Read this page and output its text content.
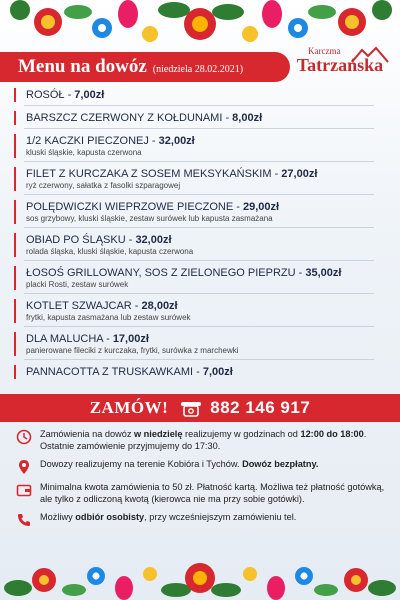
Menu na dowóz (niedziela 28.02.2021)
Karczma
Tatrzańska
ROSÓŁ - 7,00zł
BARSZCZ CZERWONY Z KOŁDUNAMI - 8,00zł
1/2 KACZKI PIECZONEJ - 32,00zł
kluski śląskie, kapusta czerwona
FILET Z KURCZAKA Z SOSEM MEKSYKAŃSKIM - 27,00zł
ryż czerwony, sałatka z fasolki szparagowej
POLĘDWICZKI WIEPRZOWE PIECZONE - 29,00zł
sos grzybowy, kluski śląskie, zestaw surówek lub kapusta zasmażana
OBIAD PO ŚLĄSKU - 32,00zł
rolada śląska, kluski śląskie, kapusta czerwona
ŁOSOŚ GRILLOWANY, SOS Z ZIELONEGO PIEPRZU - 35,00zł
placki Rosti, zestaw surówek
KOTLET SZWAJCAR - 28,00zł
frytki, kapusta zasmażana lub zestaw surówek
DLA MALUCHA - 17,00zł
panierowane fileciki z kurczaka, frytki, surówka z marchewki
PANNACOTTA Z TRUSKAWKAMI - 7,00zł
ZAMÓW! 882 146 917
Zamówienia na dowóz w niedzielę realizujemy w godzinach od 12:00 do 18:00. Ostatnie zamówienie przyjmujemy do 17:30.
Dowozy realizujemy na terenie Kobióra i Tychów. Dowóz bezpłatny.
Minimalna kwota zamówienia to 50 zł. Płatność kartą. Możliwa też płatność gotówką, ale tylko z odliczoną kwotą (kierowca nie ma przy sobie gotówki).
Możliwy odbiór osobisty, przy wcześniejszym zamówieniu tel.
